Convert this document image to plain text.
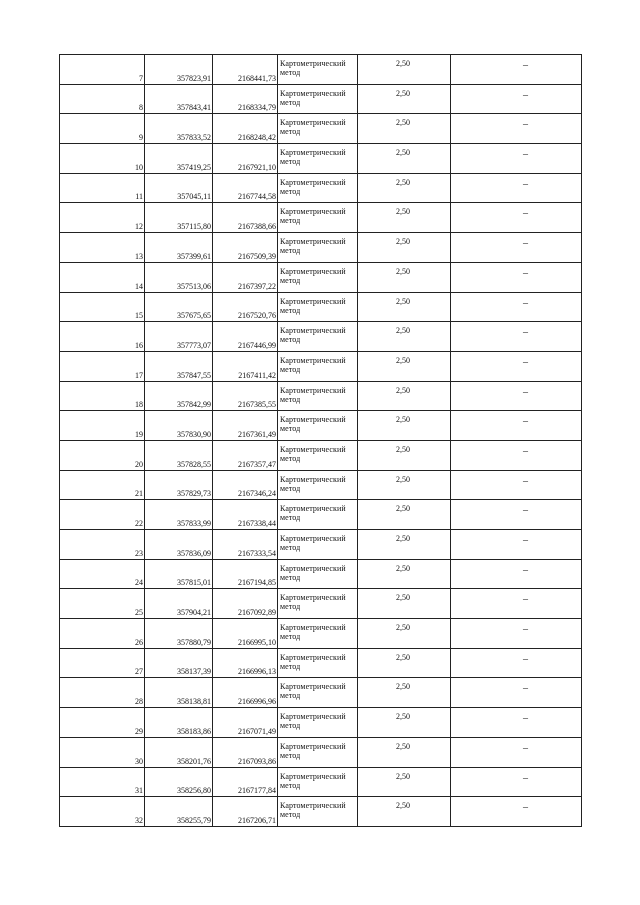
7	357823,91	2168441,73	Картометрический
метод	2,50	–

8	357843,41	2168334,79	Картометрический
метод	2,50	–

9	357833,52	2168248,42	Картометрический
метод	2,50	–

10	357419,25	2167921,10	Картометрический
метод	2,50	–

11	357045,11	2167744,58	Картометрический
метод	2,50	–

12	357115,80	2167388,66	Картометрический
метод	2,50	–

13	357399,61	2167509,39	Картометрический
метод	2,50	–

14	357513,06	2167397,22	Картометрический
метод	2,50	–

15	357675,65	2167520,76	Картометрический
метод	2,50	–

16	357773,07	2167446,99	Картометрический
метод	2,50	–

17	357847,55	2167411,42	Картометрический
метод	2,50	–

18	357842,99	2167385,55	Картометрический
метод	2,50	–

19	357830,90	2167361,49	Картометрический
метод	2,50	–

20	357828,55	2167357,47	Картометрический
метод	2,50	–

21	357829,73	2167346,24	Картометрический
метод	2,50	–

22	357833,99	2167338,44	Картометрический
метод	2,50	–

23	357836,09	2167333,54	Картометрический
метод	2,50	–

24	357815,01	2167194,85	Картометрический
метод	2,50	–

25	357904,21	2167092,89	Картометрический
метод	2,50	–

26	357880,79	2166995,10	Картометрический
метод	2,50	–

27	358137,39	2166996,13	Картометрический
метод	2,50	–

28	358138,81	2166996,96	Картометрический
метод	2,50	–

29	358183,86	2167071,49	Картометрический
метод	2,50	–

30	358201,76	2167093,86	Картометрический
метод	2,50	–

31	358256,80	2167177,84	Картометрический
метод	2,50	–

32	358255,79	2167206,71	Картометрический
метод	2,50	–
